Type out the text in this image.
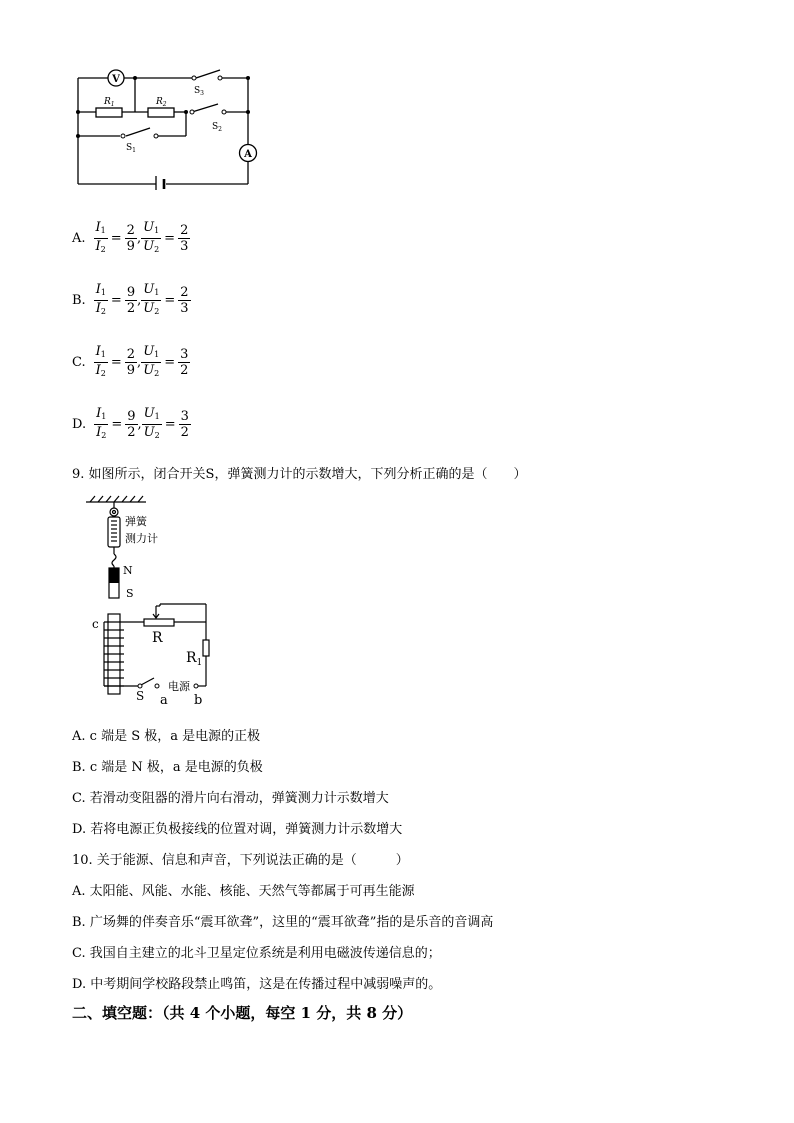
V
A
$R_1$	$R_2$
$S_3$
$S_2$
$S_1$
A. $\frac{I_1}{I_2} = \frac{2}{9}$ , $\frac{U_1}{U_2} = \frac{2}{3}$
B. $\frac{I_1}{I_2} = \frac{9}{2}$ , $\frac{U_1}{U_2} = \frac{2}{3}$
C. $\frac{I_1}{I_2} = \frac{2}{9}$ , $\frac{U_1}{U_2} = \frac{3}{2}$
D. $\frac{I_1}{I_2} = \frac{9}{2}$ , $\frac{U_1}{U_2} = \frac{3}{2}$
9. 如图所示，闭合开关S，弹簧测力计的示数增大，下列分析正确的是（　　）
弹簧
测力计
N
S
c
R
$R_1$
S
电源
a b
A. c 端是 S 极，a 是电源的正极
B. c 端是 N 极，a 是电源的负极
C. 若滑动变阻器的滑片向右滑动，弹簧测力计示数增大
D. 若将电源正负极接线的位置对调，弹簧测力计示数增大
10. 关于能源、信息和声音，下列说法正确的是（　　　）
A. 太阳能、风能、水能、核能、天然气等都属于可再生能源
B. 广场舞的伴奏音乐“震耳欲聋”，这里的“震耳欲聋”指的是乐音的音调高
C. 我国自主建立的北斗卫星定位系统是利用电磁波传递信息的；
D. 中考期间学校路段禁止鸣笛，这是在传播过程中减弱噪声的。
二、填空题：（共 4 个小题，每空 1 分，共 8 分）
